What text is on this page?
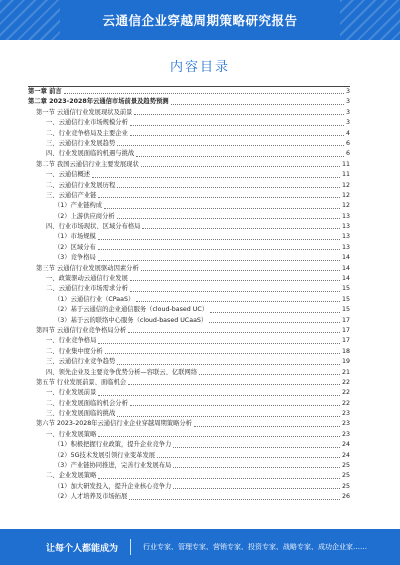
云通信企业穿越周期策略研究报告
内容目录
第一章 前言	3
第二章 2023-2028年云通信市场前景及趋势预测	3
第一节 云通信行业发展现状及前景	3
一、云通信行业市场规模分析	3
二、行业竞争格局及主要企业	4
三、云通信行业发展趋势	6
四、行业发展面临的机遇与挑战	6
第二节 我国云通信行业主要发展现状	11
一、云通信概述	11
二、云通信行业发展历程	12
三、云通信产业链	12
（1）产业链构成	12
（2）上游供应商分析	13
四、行业市场现状、区域分布格局	13
（1）市场规模	13
（2）区域分布	13
（3）竞争格局	14
第三节 云通信行业发展驱动因素分析	14
一、政策驱动云通信行业发展	14
二、云通信行业市场需求分析	15
（1）云通信行业（CPaaS）	15
（2）基于云通信的企业通信服务（cloud-based UC）	15
（3）基于云的联络中心服务（cloud-based UCaaS）	17
第四节 云通信行业竞争格局分析	17
一、行业竞争格局	17
二、行业集中度分析	18
三、云通信行业竞争趋势	19
四、领先企业及主要竞争优势分析—容联云、亿联网络	21
第五节 行业发展前景、面临机会	22
一、行业发展前景	22
二、行业发展面临的机会分析	22
三、行业发展面临的挑战	23
第六节 2023-2028年云通信行业企业穿越周期策略分析	23
一、行业发展策略	23
（1）积极把握行业政策，提升企业竞争力	24
（2）5G技术发展引领行业变革发展	24
（3）产业链协同推进，完善行业发展布局	25
二、企业发展策略	25
（1）加大研发投入，提升企业核心竞争力	25
（2）人才培养及市场拓展	26
让每个人都能成为	行业专家、管理专家、营销专家、投资专家、战略专家、成功企业家……
